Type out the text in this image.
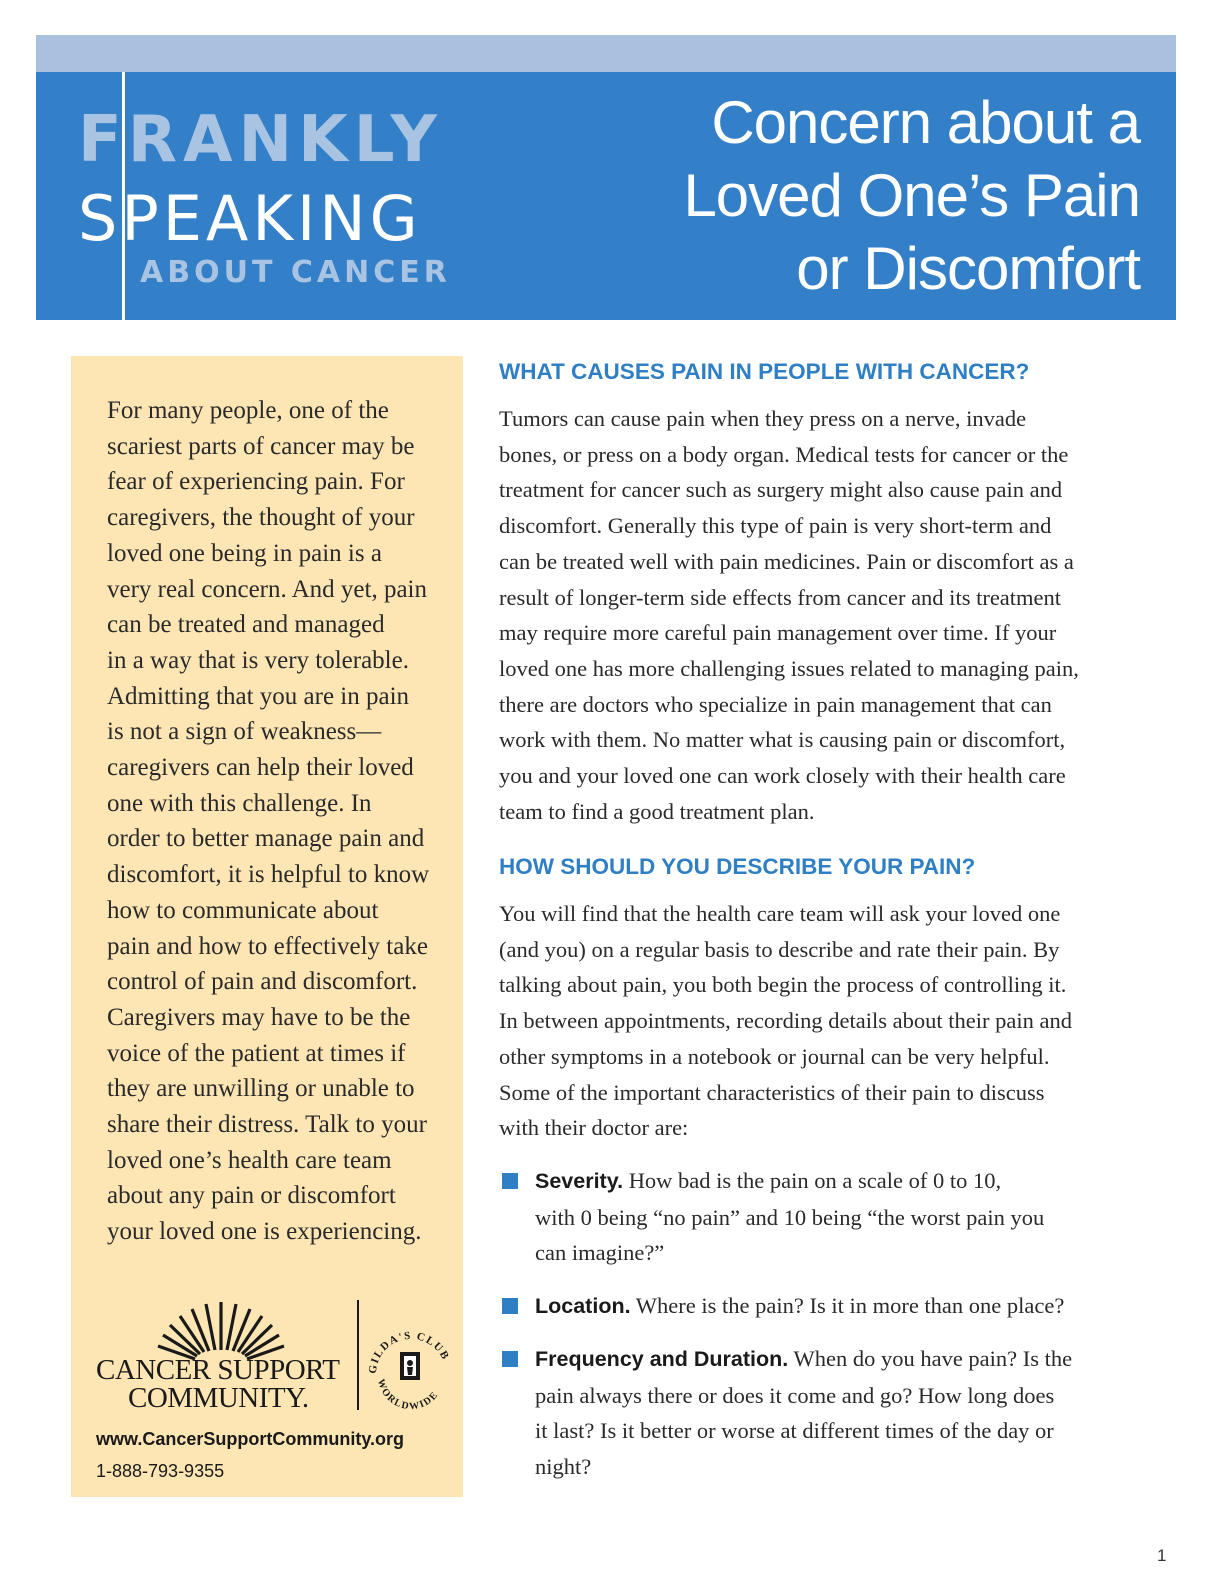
FRANKLY
SPEAKING
ABOUT CANCER
Concern about a
Loved One’s Pain
or Discomfort
For many people, one of the
scariest parts of cancer may be
fear of experiencing pain. For
caregivers, the thought of your
loved one being in pain is a
very real concern. And yet, pain
can be treated and managed
in a way that is very tolerable.
Admitting that you are in pain
is not a sign of weakness—
caregivers can help their loved
one with this challenge. In
order to better manage pain and
discomfort, it is helpful to know
how to communicate about
pain and how to effectively take
control of pain and discomfort.
Caregivers may have to be the
voice of the patient at times if
they are unwilling or unable to
share their distress. Talk to your
loved one’s health care team
about any pain or discomfort
your loved one is experiencing.
CANCER SUPPORT
COMMUNITY.
GILDA'S CLUB
WORLDWIDE
www.CancerSupportCommunity.org
1-888-793-9355
WHAT CAUSES PAIN IN PEOPLE WITH CANCER?
Tumors can cause pain when they press on a nerve, invade
bones, or press on a body organ. Medical tests for cancer or the
treatment for cancer such as surgery might also cause pain and
discomfort. Generally this type of pain is very short-term and
can be treated well with pain medicines. Pain or discomfort as a
result of longer-term side effects from cancer and its treatment
may require more careful pain management over time. If your
loved one has more challenging issues related to managing pain,
there are doctors who specialize in pain management that can
work with them. No matter what is causing pain or discomfort,
you and your loved one can work closely with their health care
team to find a good treatment plan.
HOW SHOULD YOU DESCRIBE YOUR PAIN?
You will find that the health care team will ask your loved one
(and you) on a regular basis to describe and rate their pain. By
talking about pain, you both begin the process of controlling it.
In between appointments, recording details about their pain and
other symptoms in a notebook or journal can be very helpful.
Some of the important characteristics of their pain to discuss
with their doctor are:
Severity. How bad is the pain on a scale of 0 to 10,
with 0 being “no pain” and 10 being “the worst pain you
can imagine?”
Location. Where is the pain? Is it in more than one place?
Frequency and Duration. When do you have pain? Is the
pain always there or does it come and go? How long does
it last? Is it better or worse at different times of the day or
night?
1
